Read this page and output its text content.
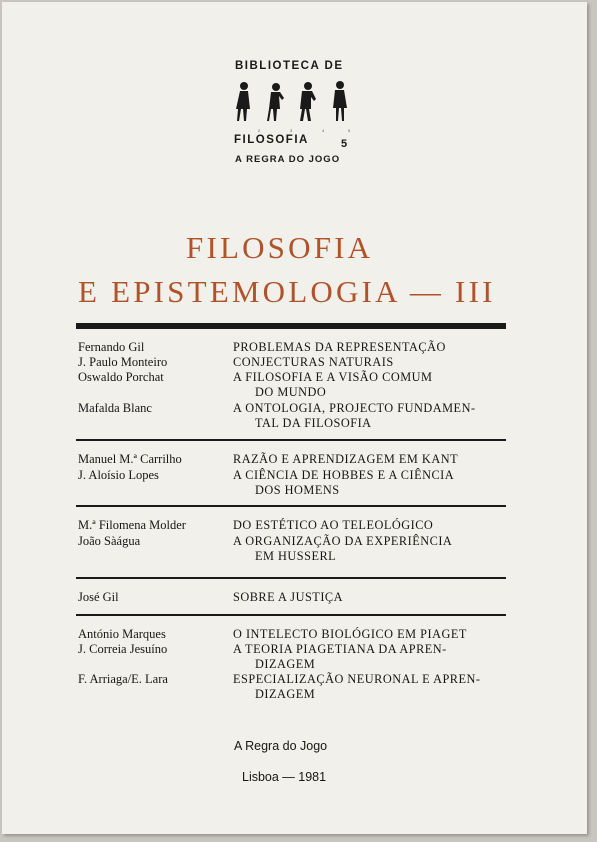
BIBLIOTECA DE
2	3	4	5
FILOSOFIA	5
A REGRA DO JOGO
FILOSOFIA
E EPISTEMOLOGIA — III
Fernando Gil	PROBLEMAS DA REPRESENTAÇÃO
J. Paulo Monteiro	CONJECTURAS NATURAIS
Oswaldo Porchat	A FILOSOFIA E A VISÃO COMUM
DO MUNDO
Mafalda Blanc	A ONTOLOGIA, PROJECTO FUNDAMEN-
TAL DA FILOSOFIA
Manuel M.ª Carrilho	RAZÃO E APRENDIZAGEM EM KANT
J. Aloísio Lopes	A CIÊNCIA DE HOBBES E A CIÊNCIA
DOS HOMENS
M.ª Filomena Molder	DO ESTÉTICO AO TELEOLÓGICO
João Sàágua	A ORGANIZAÇÃO DA EXPERIÊNCIA
EM HUSSERL
José Gil	SOBRE A JUSTIÇA
António Marques	O INTELECTO BIOLÓGICO EM PIAGET
J. Correia Jesuíno	A TEORIA PIAGETIANA DA APREN-
DIZAGEM
F. Arriaga/E. Lara	ESPECIALIZAÇÃO NEURONAL E APREN-
DIZAGEM
A Regra do Jogo
Lisboa — 1981
